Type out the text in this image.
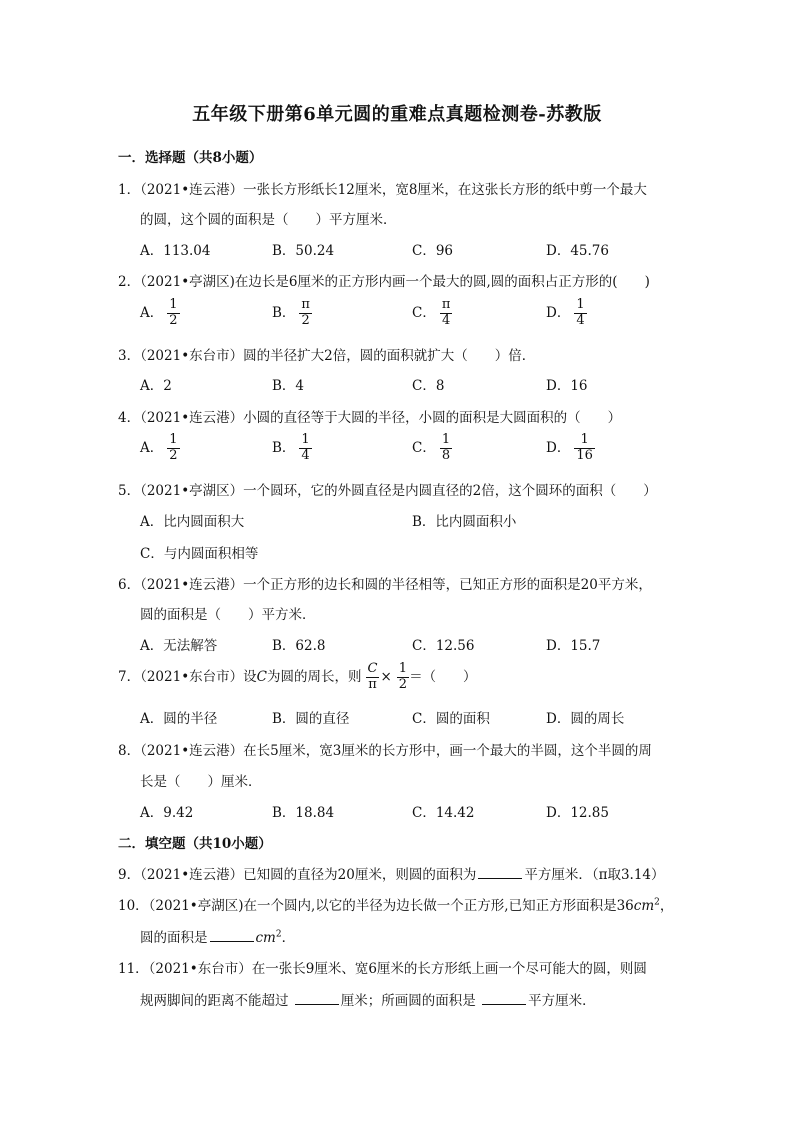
五年级下册第6单元圆的重难点真题检测卷-苏教版
一．选择题（共8小题）
1．（2021•连云港）一张长方形纸长12厘米，宽8厘米，在这张长方形的纸中剪一个最大
的圆，这个圆的面积是（　　）平方厘米．
A．113.04	B．50.24	C．96	D．45.76
2．（2021•亭湖区)在边长是6厘米的正方形内画一个最大的圆,圆的面积占正方形的(　　)
A． $\frac{1}{2}$	B． $\frac{\pi}{2}$	C． $\frac{\pi}{4}$	D． $\frac{1}{4}$
3．（2021•东台市）圆的半径扩大2倍，圆的面积就扩大（　　）倍．
A．2	B．4	C．8	D．16
4．（2021•连云港）小圆的直径等于大圆的半径，小圆的面积是大圆面积的（　　）
A． $\frac{1}{2}$	B． $\frac{1}{4}$	C． $\frac{1}{8}$	D． $\frac{1}{16}$
5．（2021•亭湖区）一个圆环，它的外圆直径是内圆直径的2倍，这个圆环的面积（　　）
A．比内圆面积大	B．比内圆面积小
C．与内圆面积相等
6．（2021•连云港）一个正方形的边长和圆的半径相等，已知正方形的面积是20平方米，
圆的面积是（　　）平方米．
A．无法解答	B．62.8	C．12.56	D．15.7
7．（2021•东台市）设C为圆的周长，则 $\frac{C}{\pi} \times \frac{1}{2}$ ＝（　　）
A．圆的半径	B．圆的直径	C．圆的面积	D．圆的周长
8．（2021•连云港）在长5厘米，宽3厘米的长方形中，画一个最大的半圆，这个半圆的周
长是（　　）厘米．
A．9.42	B．18.84	C．14.42	D．12.85
二．填空题（共10小题）
9．（2021•连云港）已知圆的直径为20厘米，则圆的面积为	平方厘米．（π取3.14）
10．（2021•亭湖区)在一个圆内,以它的半径为边长做一个正方形,已知正方形面积是$36cm^2$，
圆的面积是	$cm^2$．
11．（2021•东台市）在一张长9厘米、宽6厘米的长方形纸上画一个尽可能大的圆，则圆
规两脚间的距离不能超过	厘米；所画圆的面积是	平方厘米．
